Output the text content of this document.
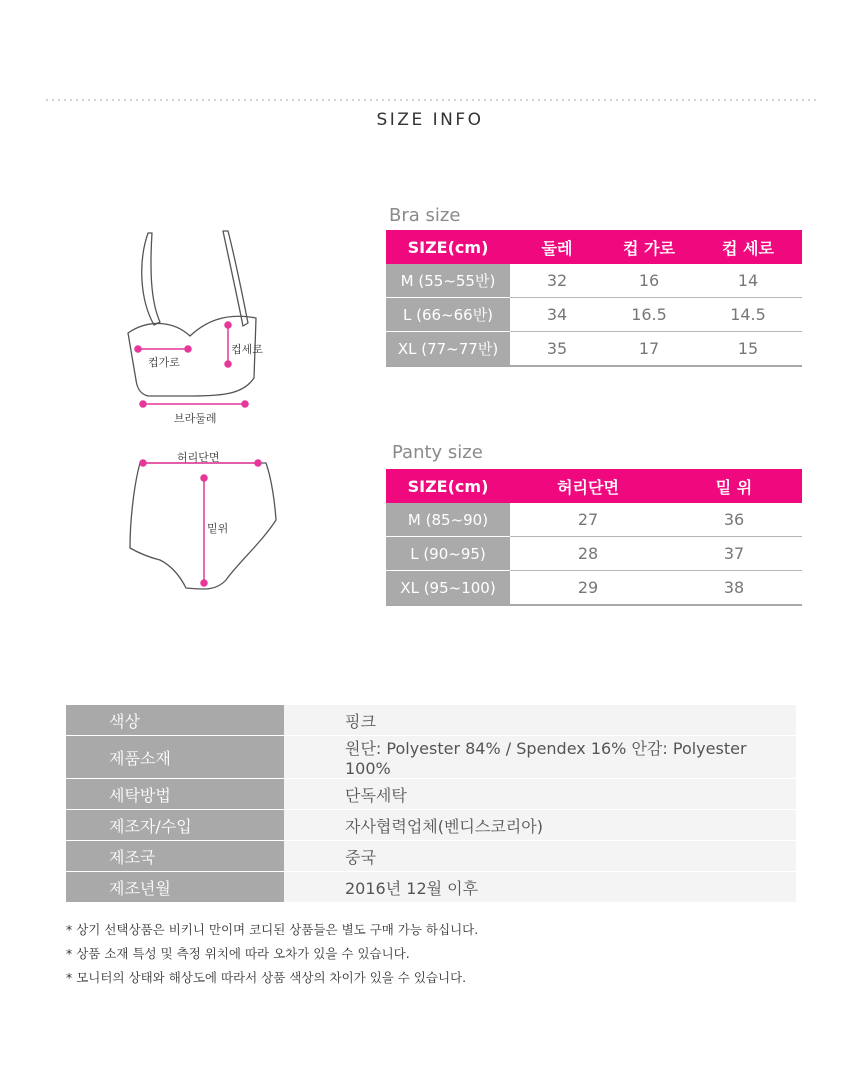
SIZE INFO
컵가로
컵세로
브라둘레
허리단면
밑위
Bra size
SIZE(cm)	둘레	컵 가로	컵 세로
M (55~55반)	32	16	14
L (66~66반)	34	16.5	14.5
XL (77~77반)	35	17	15
Panty size
SIZE(cm)	허리단면	밑 위
M (85~90)	27	36
L (90~95)	28	37
XL (95~100)	29	38
색상	핑크
제품소재	원단: Polyester 84% / Spendex 16% 안감: Polyester 100%
세탁방법	단독세탁
제조자/수입	자사협력업체(벤디스코리아)
제조국	중국
제조년월	2016년 12월 이후
* 상기 선택상품은 비키니 만이며 코디된 상품들은 별도 구매 가능 하십니다.
* 상품 소재 특성 및 측정 위치에 따라 오차가 있을 수 있습니다.
* 모니터의 상태와 해상도에 따라서 상품 색상의 차이가 있을 수 있습니다.
